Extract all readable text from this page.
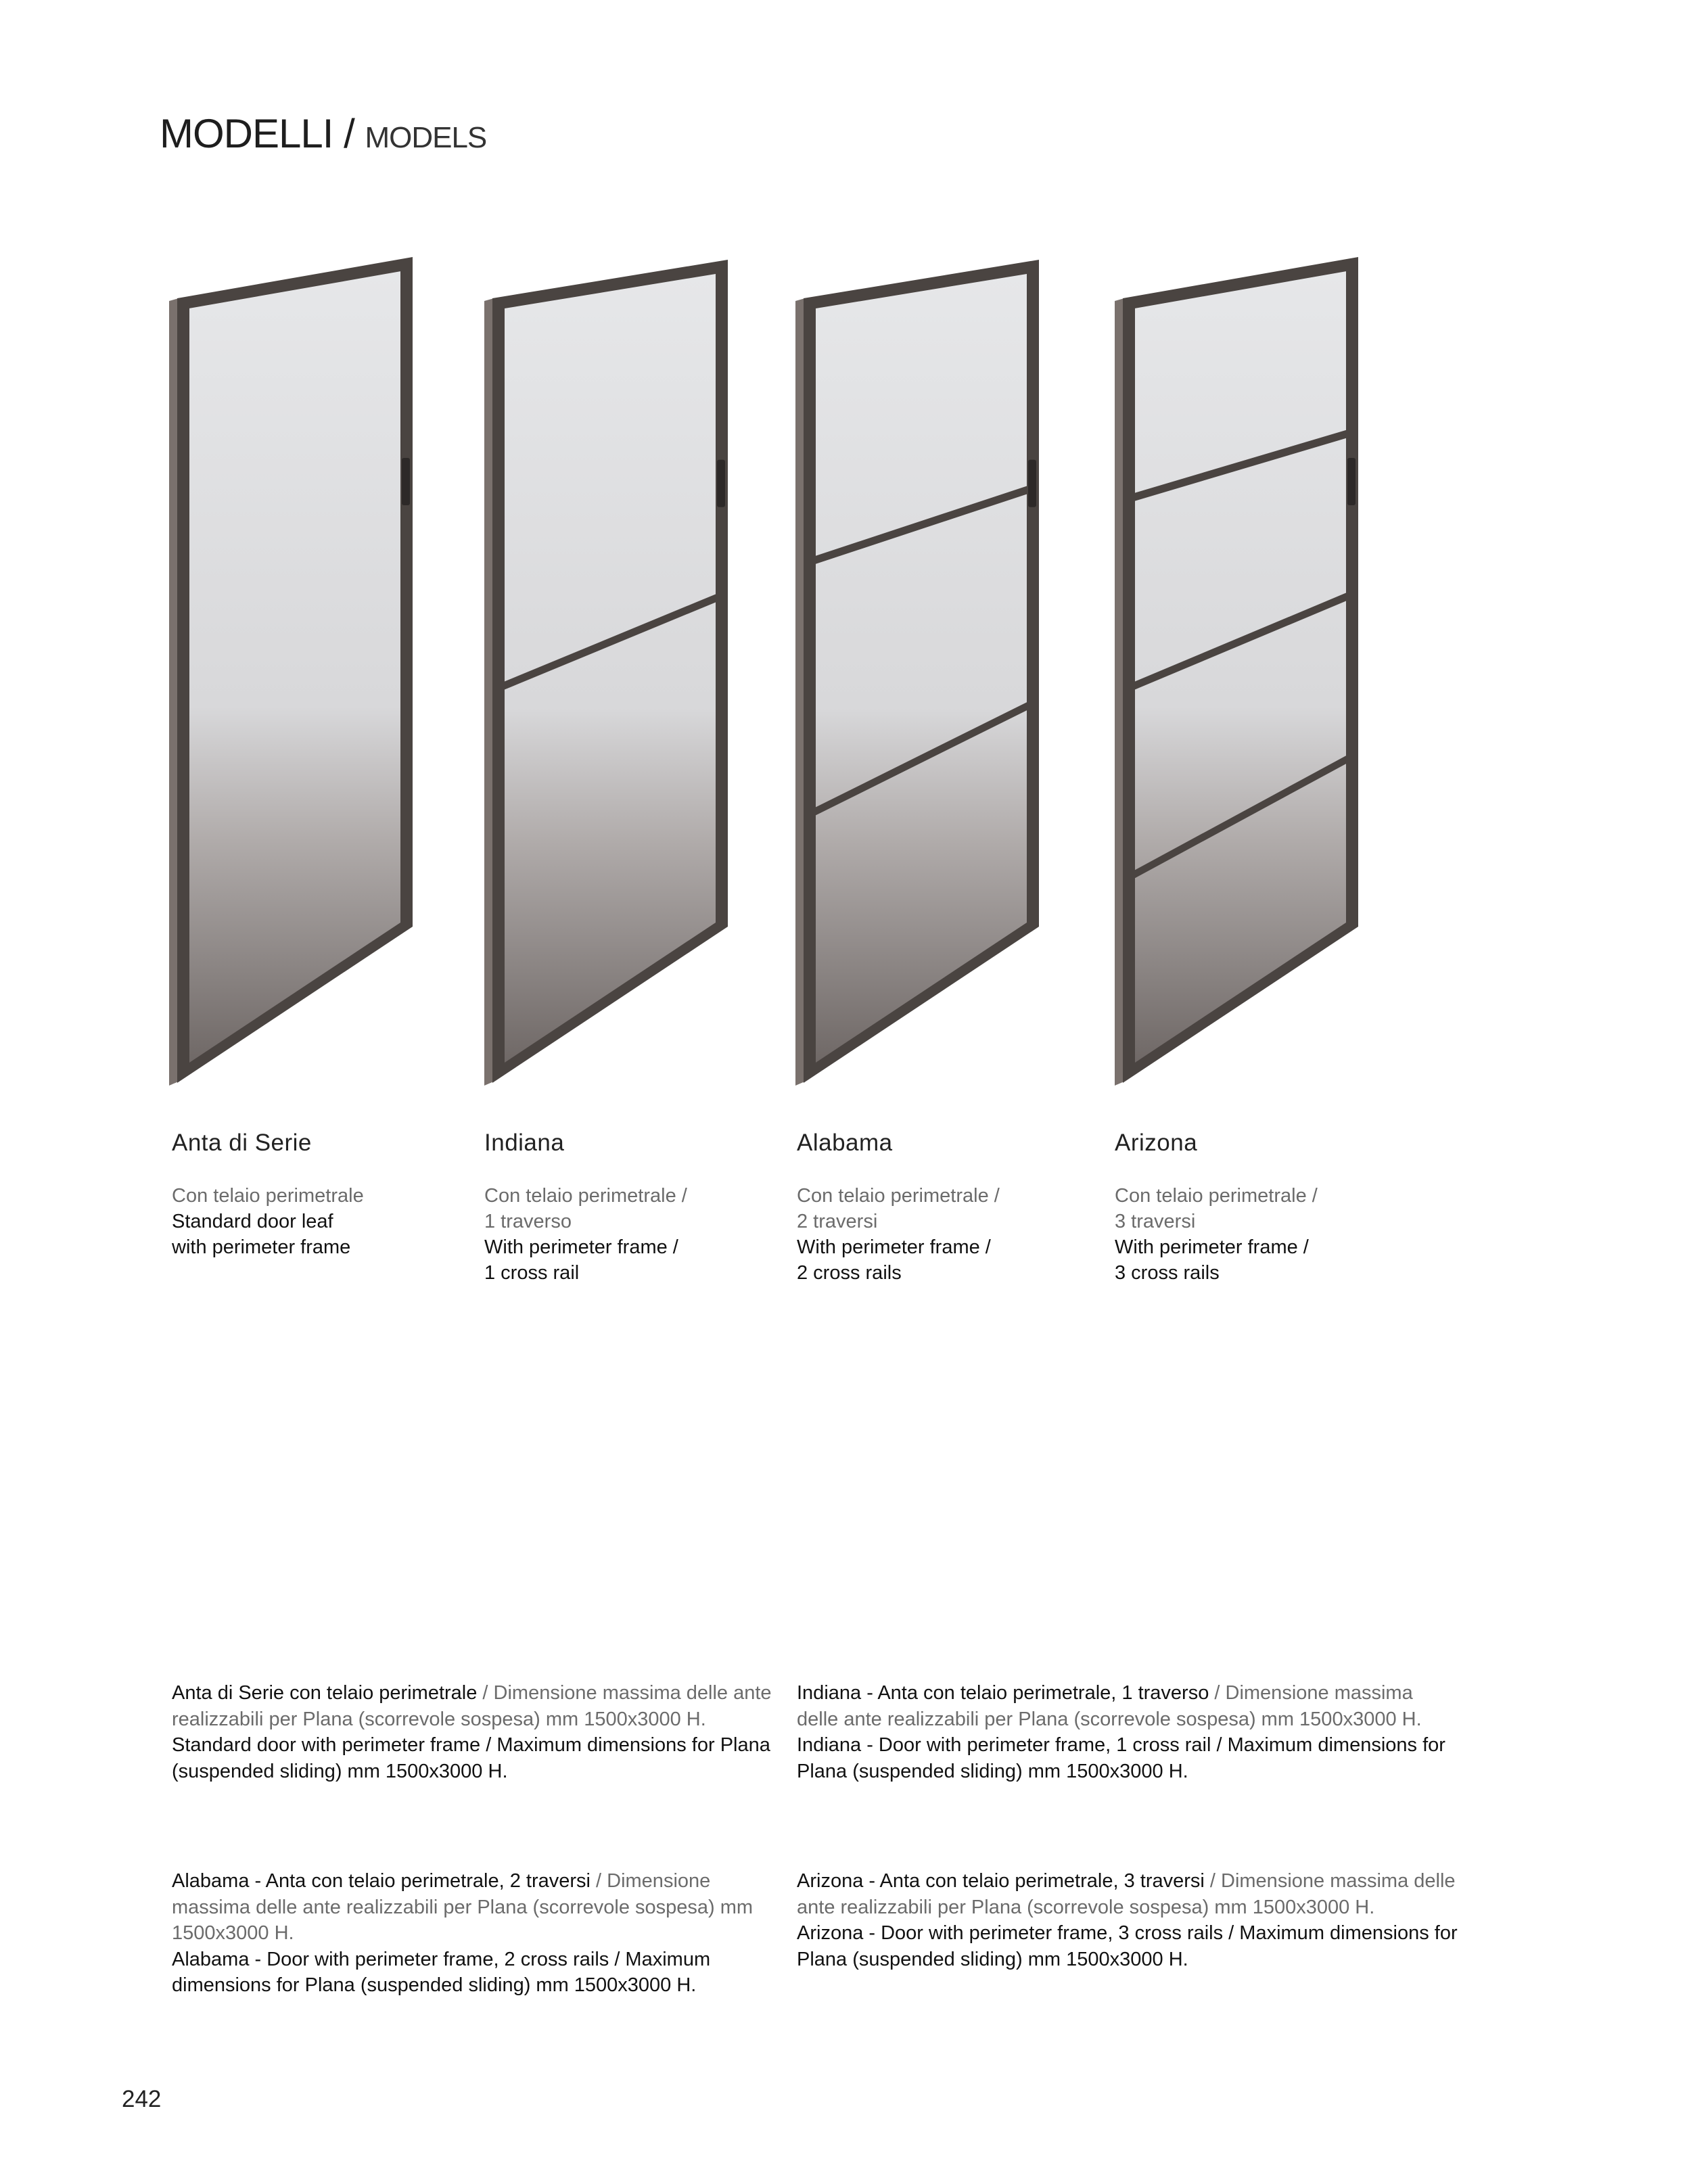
MODELLI / MODELS
Anta di Serie
Con telaio perimetrale
Standard door leaf
with perimeter frame
Indiana
Con telaio perimetrale /
1 traverso
With perimeter frame /
1 cross rail
Alabama
Con telaio perimetrale /
2 traversi
With perimeter frame /
2 cross rails
Arizona
Con telaio perimetrale /
3 traversi
With perimeter frame /
3 cross rails
Anta di Serie con telaio perimetrale / Dimensione massima delle ante realizzabili per Plana (scorrevole sospesa) mm 1500x3000 H.
Standard door with perimeter frame / Maximum dimensions for Plana (suspended sliding) mm 1500x3000 H.
Indiana - Anta con telaio perimetrale, 1 traverso / Dimensione massima delle ante realizzabili per Plana (scorrevole sospesa) mm 1500x3000 H.
Indiana - Door with perimeter frame, 1 cross rail / Maximum dimensions for Plana (suspended sliding) mm 1500x3000 H.
Alabama - Anta con telaio perimetrale, 2 traversi / Dimensione massima delle ante realizzabili per Plana (scorrevole sospesa) mm 1500x3000 H.
Alabama - Door with perimeter frame, 2 cross rails / Maximum dimensions for Plana (suspended sliding) mm 1500x3000 H.
Arizona - Anta con telaio perimetrale, 3 traversi / Dimensione massima delle ante realizzabili per Plana (scorrevole sospesa) mm 1500x3000 H.
Arizona - Door with perimeter frame, 3 cross rails / Maximum dimensions for Plana (suspended sliding) mm 1500x3000 H.
242
